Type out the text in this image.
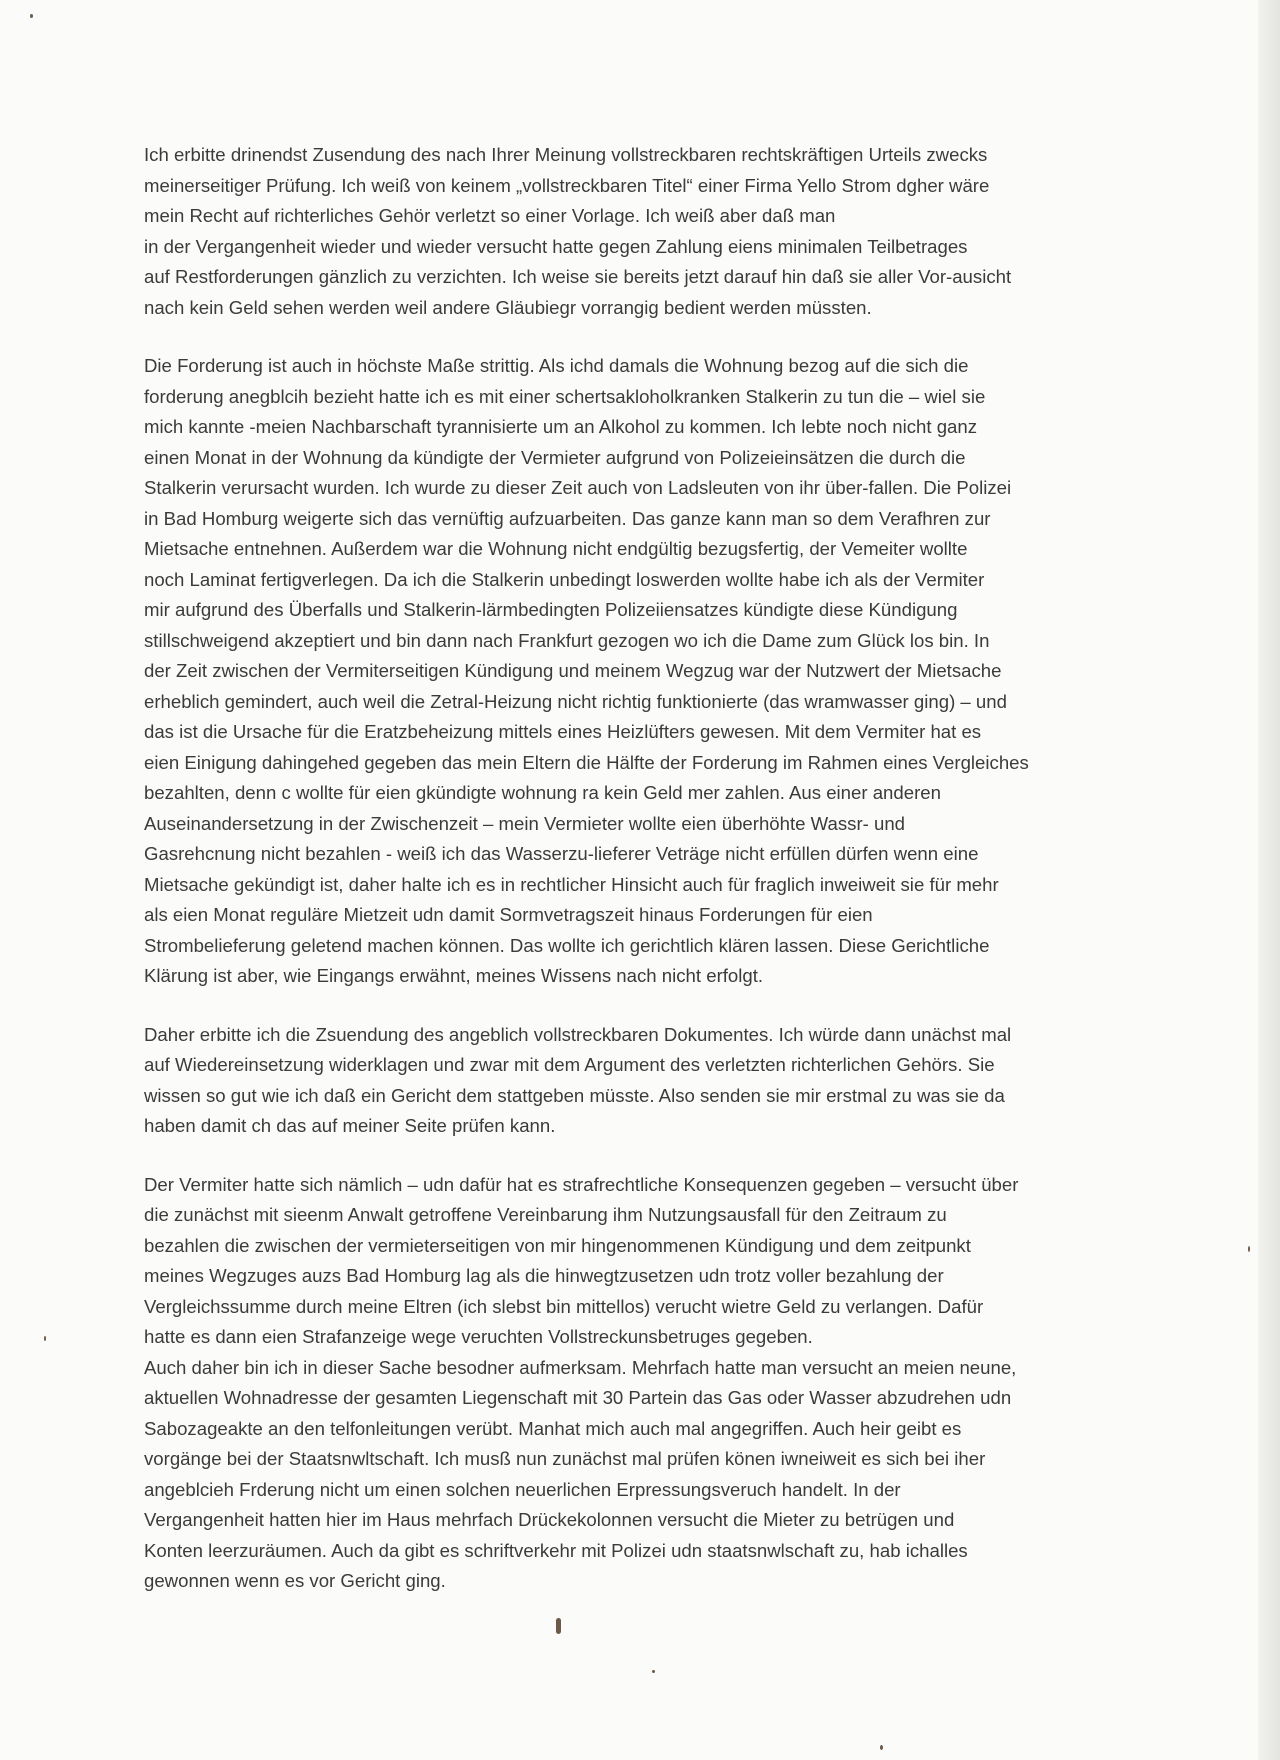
Ich erbitte drinendst Zusendung des nach Ihrer Meinung vollstreckbaren rechtskräftigen Urteils zwecks
meinerseitiger Prüfung. Ich weiß von keinem „vollstreckbaren Titel“ einer Firma Yello Strom dgher wäre
mein Recht auf richterliches Gehör verletzt so einer Vorlage. Ich weiß aber daß man
in der Vergangenheit wieder und wieder versucht hatte gegen Zahlung eiens minimalen Teilbetrages
auf Restforderungen gänzlich zu verzichten. Ich weise sie bereits jetzt darauf hin daß sie aller Vor-ausicht
nach kein Geld sehen werden weil andere Gläubiegr vorrangig bedient werden müssten.
Die Forderung ist auch in höchste Maße strittig. Als ichd damals die Wohnung bezog auf die sich die
forderung anegblcih bezieht hatte ich es mit einer schertsakloholkranken Stalkerin zu tun die – wiel sie
mich kannte -meien Nachbarschaft tyrannisierte um an Alkohol zu kommen. Ich lebte noch nicht ganz
einen Monat in der Wohnung da kündigte der Vermieter aufgrund von Polizeieinsätzen die durch die
Stalkerin verursacht wurden. Ich wurde zu dieser Zeit auch von Ladsleuten von ihr über-fallen. Die Polizei
in Bad Homburg weigerte sich das vernüftig aufzuarbeiten. Das ganze kann man so dem Verafhren zur
Mietsache entnehnen. Außerdem war die Wohnung nicht endgültig bezugsfertig, der Vemeiter wollte
noch Laminat fertigverlegen. Da ich die Stalkerin unbedingt loswerden wollte habe ich als der Vermiter
mir aufgrund des Überfalls und Stalkerin-lärmbedingten Polizeiiensatzes kündigte diese Kündigung
stillschweigend akzeptiert und bin dann nach Frankfurt gezogen wo ich die Dame zum Glück los bin. In
der Zeit zwischen der Vermiterseitigen Kündigung und meinem Wegzug war der Nutzwert der Mietsache
erheblich gemindert, auch weil die Zetral-Heizung nicht richtig funktionierte (das wramwasser ging) – und
das ist die Ursache für die Eratzbeheizung mittels eines Heizlüfters gewesen. Mit dem Vermiter hat es
eien Einigung dahingehed gegeben das mein Eltern die Hälfte der Forderung im Rahmen eines Vergleiches
bezahlten, denn c wollte für eien gkündigte wohnung ra kein Geld mer zahlen. Aus einer anderen
Auseinandersetzung in der Zwischenzeit – mein Vermieter wollte eien überhöhte Wassr- und
Gasrehcnung nicht bezahlen - weiß ich das Wasserzu-lieferer Veträge nicht erfüllen dürfen wenn eine
Mietsache gekündigt ist, daher halte ich es in rechtlicher Hinsicht auch für fraglich inweiweit sie für mehr
als eien Monat reguläre Mietzeit udn damit Sormvetragszeit hinaus Forderungen für eien
Strombelieferung geletend machen können. Das wollte ich gerichtlich klären lassen. Diese Gerichtliche
Klärung ist aber, wie Eingangs erwähnt, meines Wissens nach nicht erfolgt.
Daher erbitte ich die Zsuendung des angeblich vollstreckbaren Dokumentes. Ich würde dann unächst mal
auf Wiedereinsetzung widerklagen und zwar mit dem Argument des verletzten richterlichen Gehörs. Sie
wissen so gut wie ich daß ein Gericht dem stattgeben müsste. Also senden sie mir erstmal zu was sie da
haben damit ch das auf meiner Seite prüfen kann.
Der Vermiter hatte sich nämlich – udn dafür hat es strafrechtliche Konsequenzen gegeben – versucht über
die zunächst mit sieenm Anwalt getroffene Vereinbarung ihm Nutzungsausfall für den Zeitraum zu
bezahlen die zwischen der vermieterseitigen von mir hingenommenen Kündigung und dem zeitpunkt
meines Wegzuges auzs Bad Homburg lag als die hinwegtzusetzen udn trotz voller bezahlung der
Vergleichssumme durch meine Eltren (ich slebst bin mittellos) verucht wietre Geld zu verlangen. Dafür
hatte es dann eien Strafanzeige wege veruchten Vollstreckunsbetruges gegeben.
Auch daher bin ich in dieser Sache besodner aufmerksam. Mehrfach hatte man versucht an meien neune,
aktuellen Wohnadresse der gesamten Liegenschaft mit 30 Partein das Gas oder Wasser abzudrehen udn
Sabozageakte an den telfonleitungen verübt. Manhat mich auch mal angegriffen. Auch heir geibt es
vorgänge bei der Staatsnwltschaft. Ich musß nun zunächst mal prüfen könen iwneiweit es sich bei iher
angeblcieh Frderung nicht um einen solchen neuerlichen Erpressungsveruch handelt. In der
Vergangenheit hatten hier im Haus mehrfach Drückekolonnen versucht die Mieter zu betrügen und
Konten leerzuräumen. Auch da gibt es schriftverkehr mit Polizei udn staatsnwlschaft zu, hab ichalles
gewonnen wenn es vor Gericht ging.
